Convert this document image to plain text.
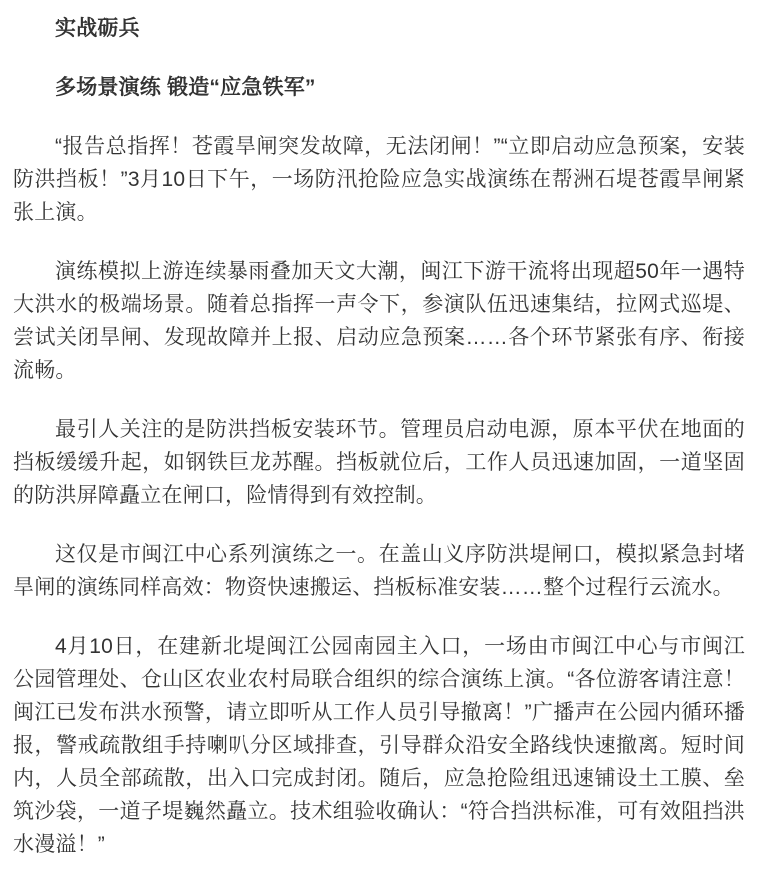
实战砺兵

多场景演练 锻造“应急铁军”

“报告总指挥！苍霞旱闸突发故障，无法闭闸！”“立即启动应急预案，安装防洪挡板！”3月10日下午，一场防汛抢险应急实战演练在帮洲石堤苍霞旱闸紧张上演。

演练模拟上游连续暴雨叠加天文大潮，闽江下游干流将出现超50年一遇特大洪水的极端场景。随着总指挥一声令下，参演队伍迅速集结，拉网式巡堤、尝试关闭旱闸、发现故障并上报、启动应急预案……各个环节紧张有序、衔接流畅。

最引人关注的是防洪挡板安装环节。管理员启动电源，原本平伏在地面的挡板缓缓升起，如钢铁巨龙苏醒。挡板就位后，工作人员迅速加固，一道坚固的防洪屏障矗立在闸口，险情得到有效控制。

这仅是市闽江中心系列演练之一。在盖山义序防洪堤闸口，模拟紧急封堵旱闸的演练同样高效：物资快速搬运、挡板标准安装……整个过程行云流水。

4月10日，在建新北堤闽江公园南园主入口，一场由市闽江中心与市闽江公园管理处、仓山区农业农村局联合组织的综合演练上演。“各位游客请注意！闽江已发布洪水预警，请立即听从工作人员引导撤离！”广播声在公园内循环播报，警戒疏散组手持喇叭分区域排查，引导群众沿安全路线快速撤离。短时间内，人员全部疏散，出入口完成封闭。随后，应急抢险组迅速铺设土工膜、垒筑沙袋，一道子堤巍然矗立。技术组验收确认：“符合挡洪标准，可有效阻挡洪水漫溢！”
